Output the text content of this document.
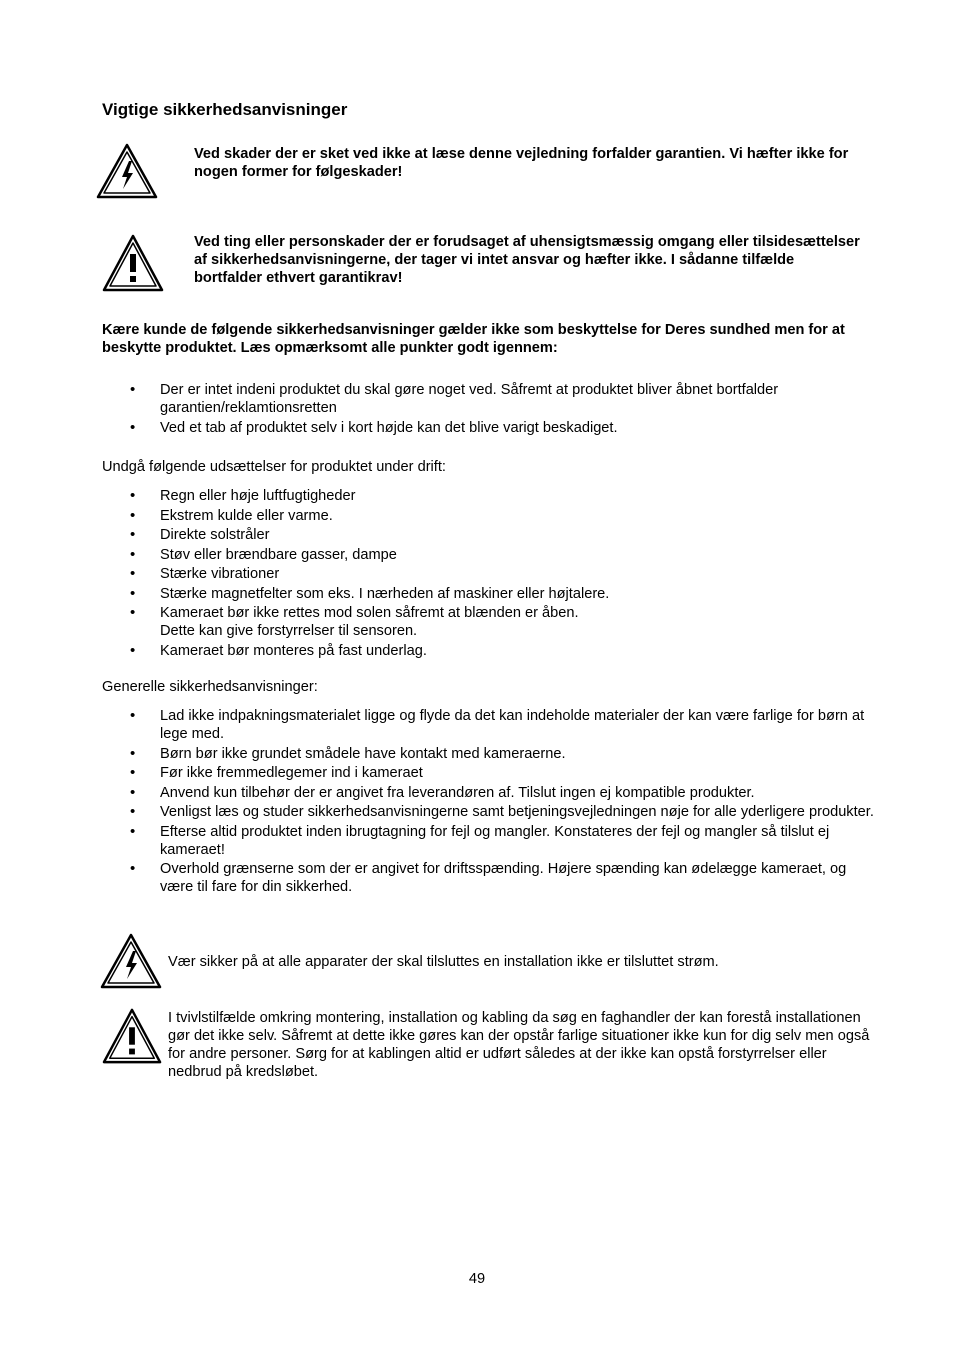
Vigtige sikkerhedsanvisninger
Ved skader der er sket ved ikke at læse denne vejledning forfalder garantien. Vi hæfter ikke for nogen former for følgeskader!
Ved ting eller personskader der er forudsaget af uhensigtsmæssig omgang eller tilsidesættelser af sikkerhedsanvisningerne, der tager vi intet ansvar og hæfter ikke. I sådanne tilfælde bortfalder ethvert garantikrav!
Kære kunde de følgende sikkerhedsanvisninger gælder ikke som beskyttelse for Deres sundhed men for at beskytte produktet. Læs opmærksomt alle punkter godt igennem:
• Der er intet indeni produktet du skal gøre noget ved. Såfremt at produktet bliver åbnet bortfalder garantien/reklamtionsretten
• Ved et tab af produktet selv i kort højde kan det blive varigt beskadiget.
Undgå følgende udsættelser for produktet under drift:
• Regn eller høje luftfugtigheder
• Ekstrem kulde eller varme.
• Direkte solstråler
• Støv eller brændbare gasser, dampe
• Stærke vibrationer
• Stærke magnetfelter som eks. I nærheden af maskiner eller højtalere.
• Kameraet bør ikke rettes mod solen såfremt at blænden er åben.
Dette kan give forstyrrelser til sensoren.
• Kameraet bør monteres på fast underlag.
Generelle sikkerhedsanvisninger:
• Lad ikke indpakningsmaterialet ligge og flyde da det kan indeholde materialer der kan være farlige for børn at lege med.
• Børn bør ikke grundet smådele have kontakt med kameraerne.
• Før ikke fremmedlegemer ind i kameraet
• Anvend kun tilbehør der er angivet fra leverandøren af. Tilslut ingen ej kompatible produkter.
• Venligst læs og studer sikkerhedsanvisningerne samt betjeningsvejledningen nøje for alle yderligere produkter.
• Efterse altid produktet inden ibrugtagning for fejl og mangler. Konstateres der fejl og mangler så tilslut ej kameraet!
• Overhold grænserne som der er angivet for driftsspænding. Højere spænding kan ødelægge kameraet, og være til fare for din sikkerhed.
Vær sikker på at alle apparater der skal tilsluttes en installation ikke er tilsluttet strøm.
I tvivlstilfælde omkring montering, installation og kabling da søg en faghandler der kan forestå installationen gør det ikke selv. Såfremt at dette ikke gøres kan der opstår farlige situationer ikke kun for dig selv men også for andre personer. Sørg for at kablingen altid er udført således at der ikke kan opstå forstyrrelser eller nedbrud på kredsløbet.
49
